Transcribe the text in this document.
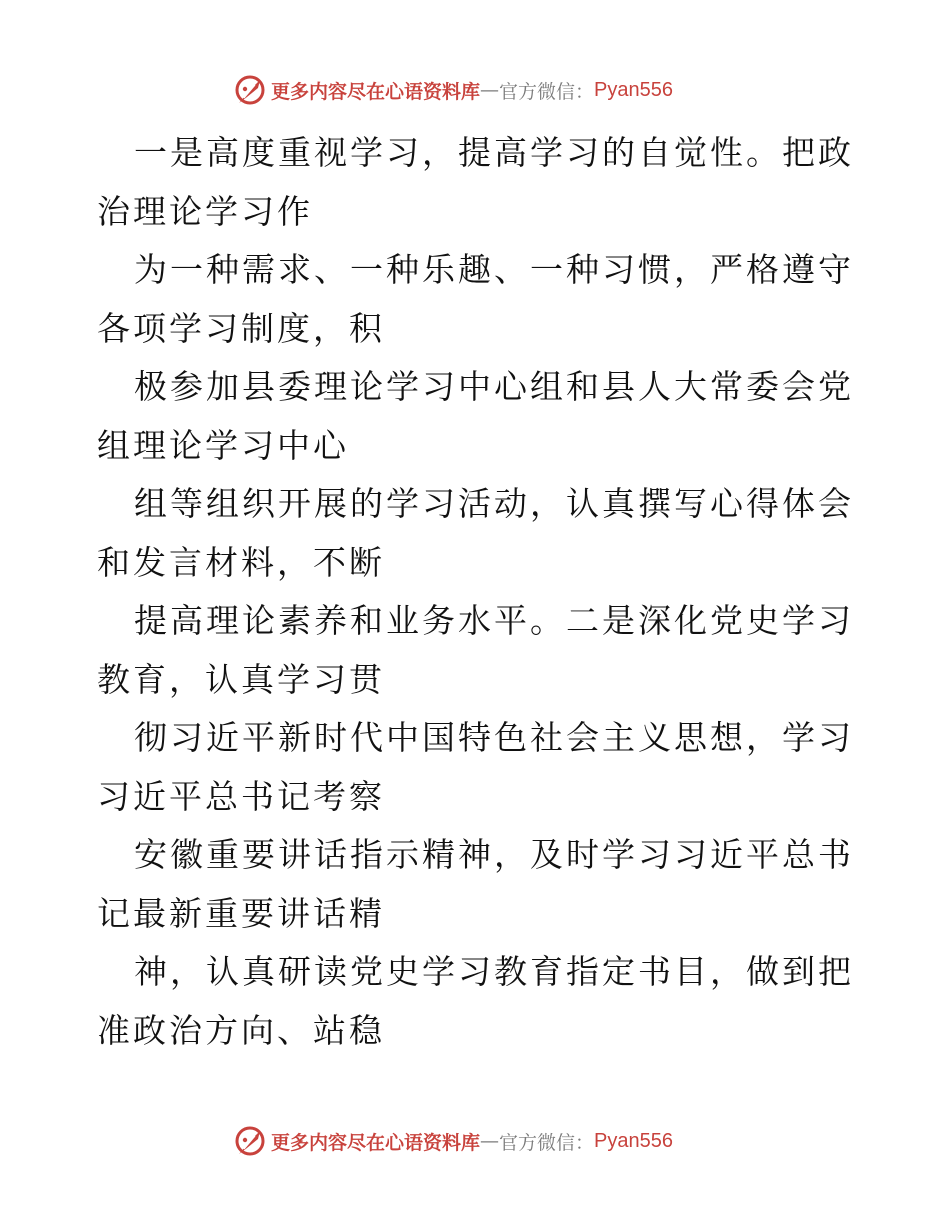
更多内容尽在心语资料库 — 官方微信： Pyan556

一是高度重视学习，提高学习的自觉性。把政治理论学习作

为一种需求、一种乐趣、一种习惯，严格遵守各项学习制度，积

极参加县委理论学习中心组和县人大常委会党组理论学习中心

组等组织开展的学习活动，认真撰写心得体会和发言材料，不断

提高理论素养和业务水平。二是深化党史学习教育，认真学习贯

彻习近平新时代中国特色社会主义思想，学习习近平总书记考察

安徽重要讲话指示精神，及时学习习近平总书记最新重要讲话精

神，认真研读党史学习教育指定书目，做到把准政治方向、站稳

更多内容尽在心语资料库 — 官方微信： Pyan556
